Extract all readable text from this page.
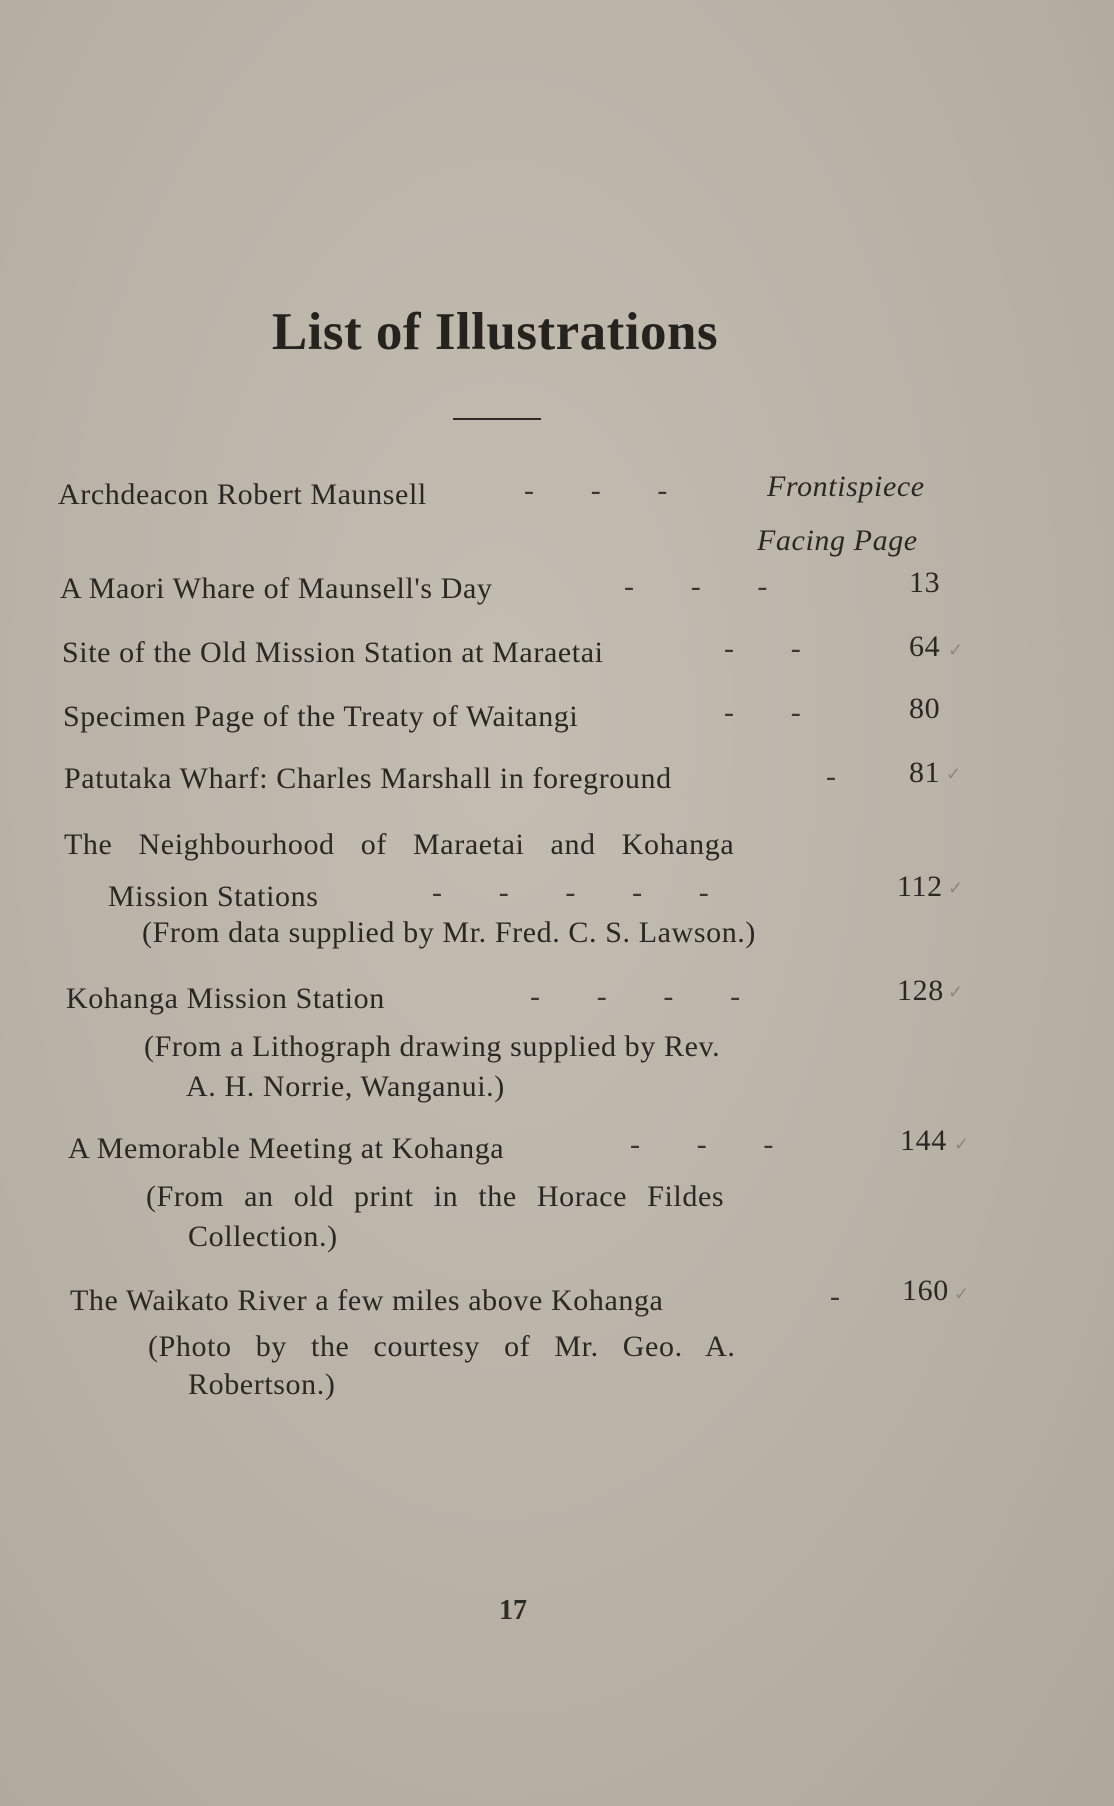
List of Illustrations
Archdeacon Robert Maunsell	- - -	Frontispiece
Facing Page
A Maori Whare of Maunsell's Day	- - -	13
Site of the Old Mission Station at Maraetai	- -	64 ✓
Specimen Page of the Treaty of Waitangi	- -	80
Patutaka Wharf: Charles Marshall in foreground	- 81 ✓
The Neighbourhood of Maraetai and Kohanga
Mission Stations	- - - - -	112 ✓
(From data supplied by Mr. Fred. C. S. Lawson.)
Kohanga Mission Station	- - - -	128 ✓
(From a Lithograph drawing supplied by Rev.
A. H. Norrie, Wanganui.)
A Memorable Meeting at Kohanga	- - -	144 ✓
(From an old print in the Horace Fildes
Collection.)
The Waikato River a few miles above Kohanga	- 160 ✓
(Photo by the courtesy of Mr. Geo. A.
Robertson.)
17
